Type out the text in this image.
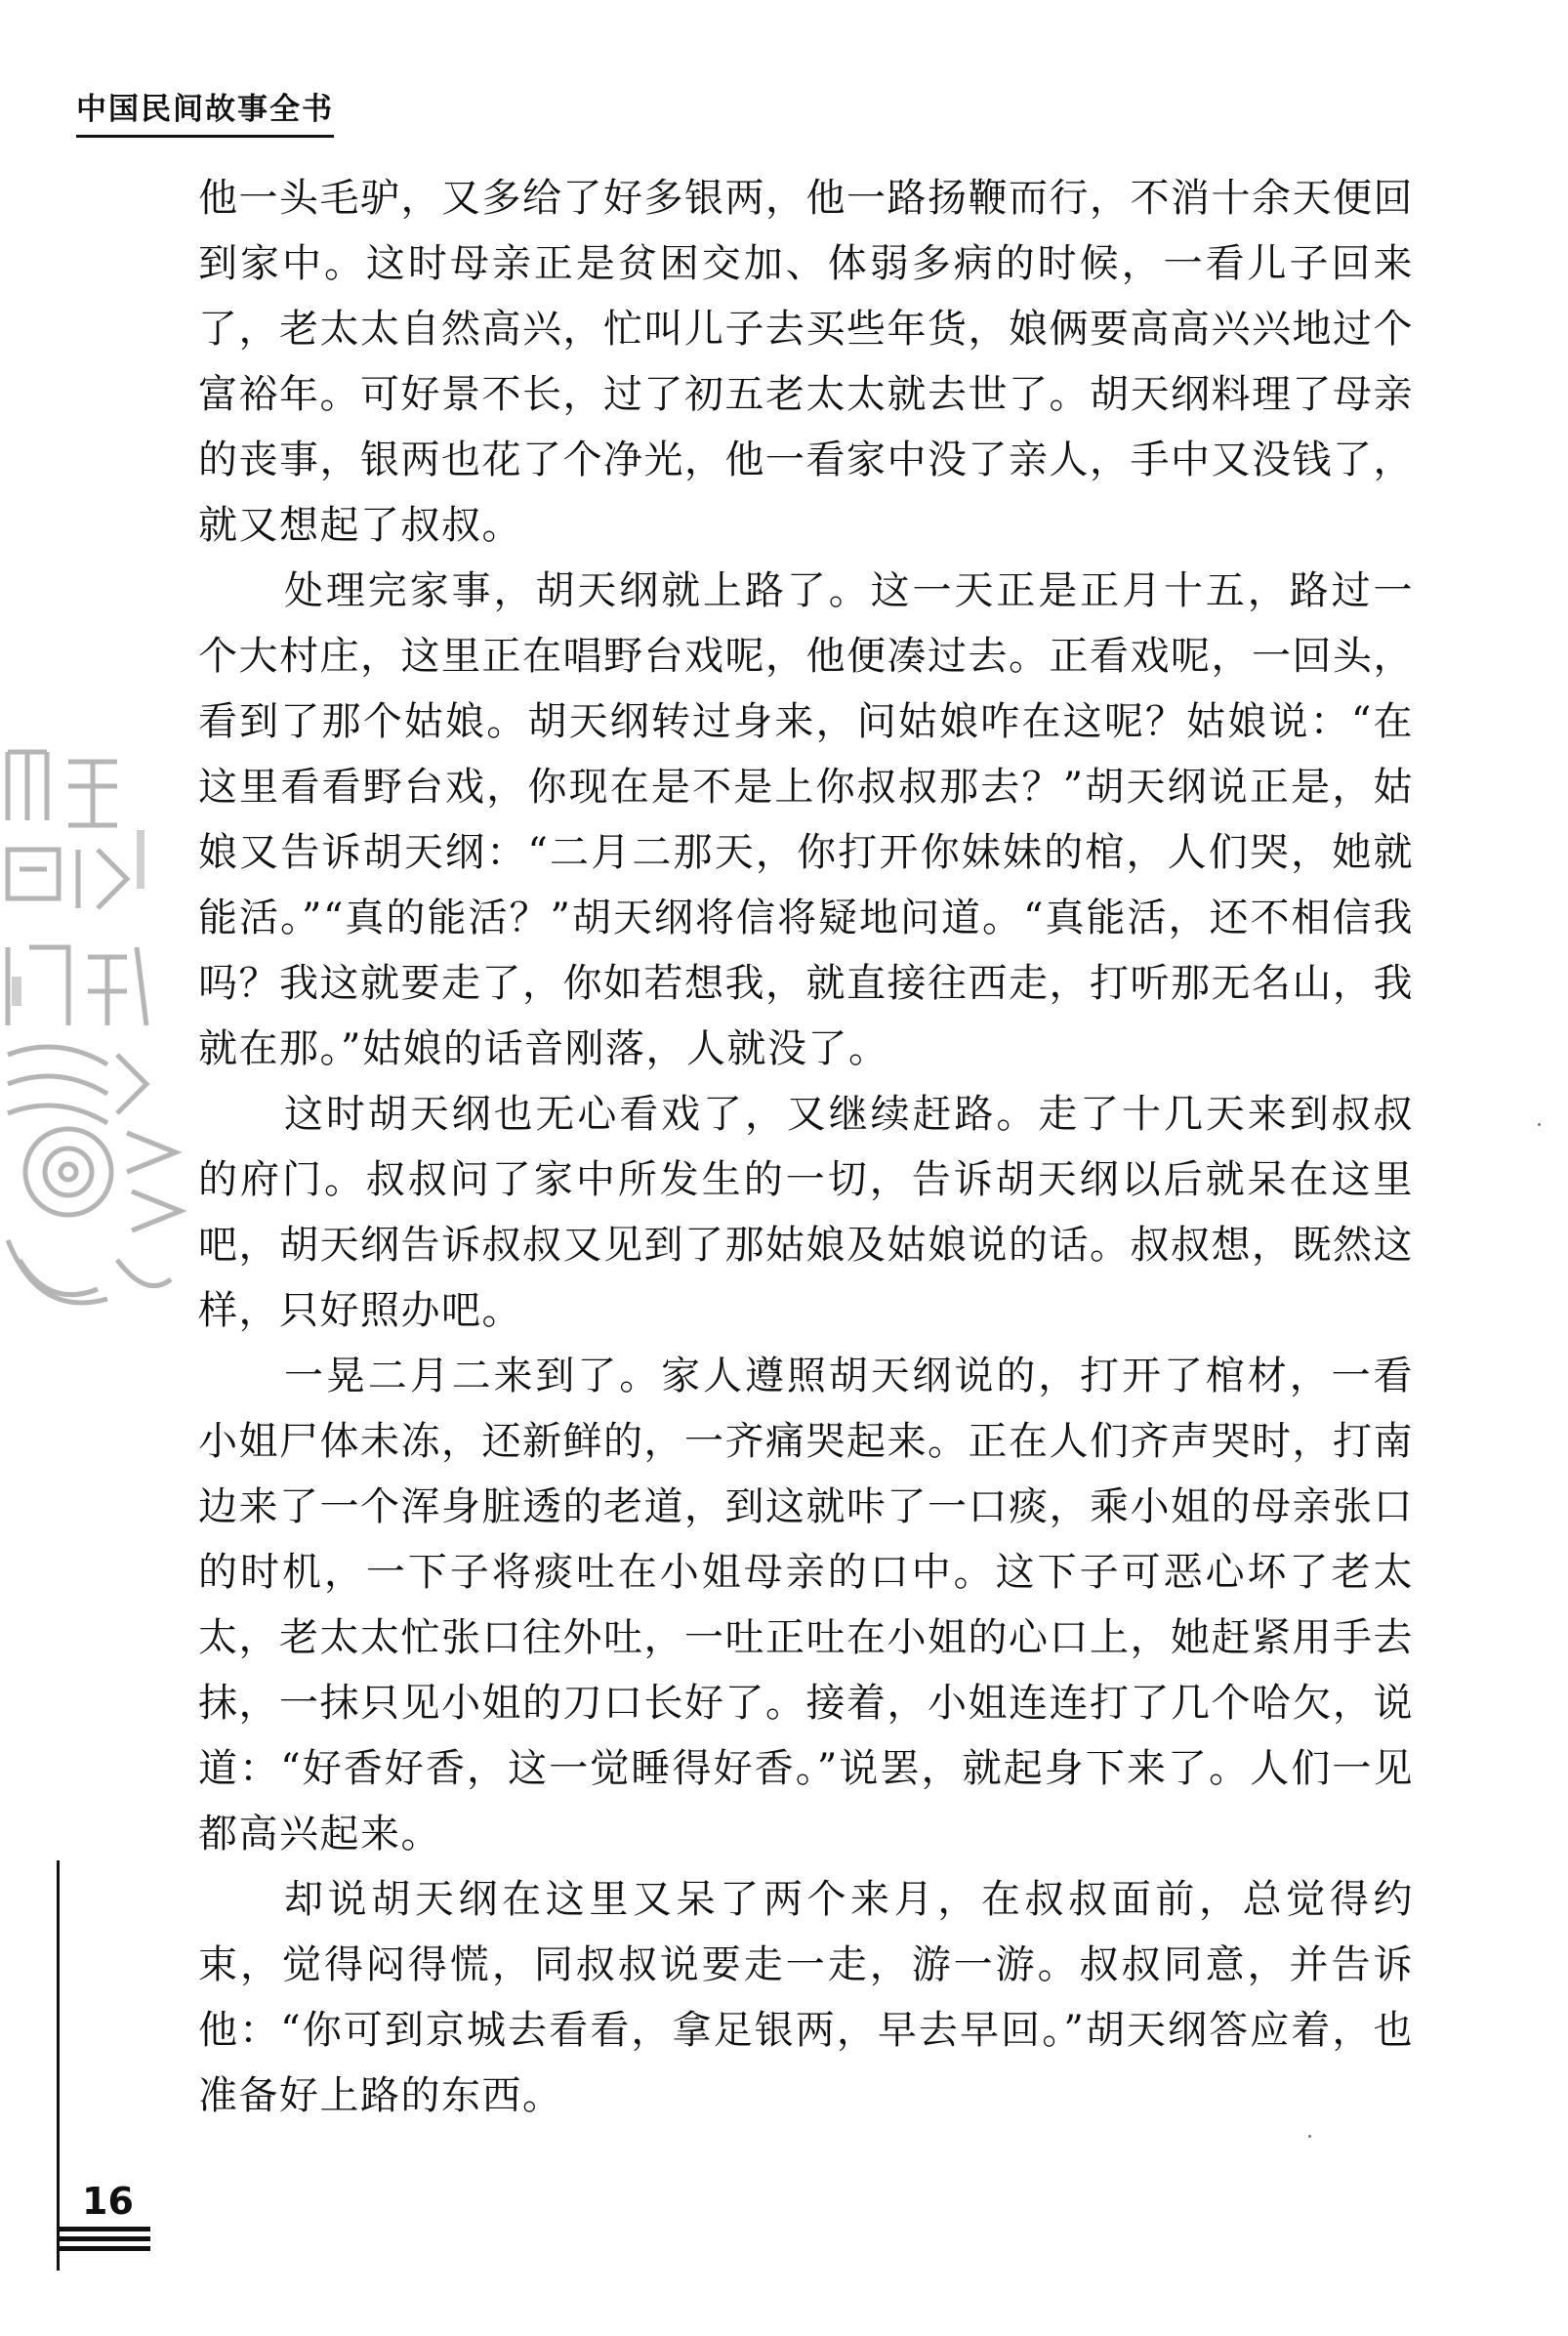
中国民间故事全书

他一头毛驴，又多给了好多银两，他一路扬鞭而行，不消十余天便回到家中。这时母亲正是贫困交加、体弱多病的时候，一看儿子回来了，老太太自然高兴，忙叫儿子去买些年货，娘俩要高高兴兴地过个富裕年。可好景不长，过了初五老太太就去世了。胡天纲料理了母亲的丧事，银两也花了个净光，他一看家中没了亲人，手中又没钱了，就又想起了叔叔。

处理完家事，胡天纲就上路了。这一天正是正月十五，路过一个大村庄，这里正在唱野台戏呢，他便凑过去。正看戏呢，一回头，看到了那个姑娘。胡天纲转过身来，问姑娘咋在这呢？姑娘说：“在这里看看野台戏，你现在是不是上你叔叔那去？”胡天纲说正是，姑娘又告诉胡天纲：“二月二那天，你打开你妹妹的棺，人们哭，她就能活。”“真的能活？”胡天纲将信将疑地问道。“真能活，还不相信我吗？我这就要走了，你如若想我，就直接往西走，打听那无名山，我就在那。”姑娘的话音刚落，人就没了。

这时胡天纲也无心看戏了，又继续赶路。走了十几天来到叔叔的府门。叔叔问了家中所发生的一切，告诉胡天纲以后就呆在这里吧，胡天纲告诉叔叔又见到了那姑娘及姑娘说的话。叔叔想，既然这样，只好照办吧。

一晃二月二来到了。家人遵照胡天纲说的，打开了棺材，一看小姐尸体未冻，还新鲜的，一齐痛哭起来。正在人们齐声哭时，打南边来了一个浑身脏透的老道，到这就咔了一口痰，乘小姐的母亲张口的时机，一下子将痰吐在小姐母亲的口中。这下子可恶心坏了老太太，老太太忙张口往外吐，一吐正吐在小姐的心口上，她赶紧用手去抹，一抹只见小姐的刀口长好了。接着，小姐连连打了几个哈欠，说道：“好香好香，这一觉睡得好香。”说罢，就起身下来了。人们一见都高兴起来。

却说胡天纲在这里又呆了两个来月，在叔叔面前，总觉得约束，觉得闷得慌，同叔叔说要走一走，游一游。叔叔同意，并告诉他：“你可到京城去看看，拿足银两，早去早回。”胡天纲答应着，也准备好上路的东西。

16
